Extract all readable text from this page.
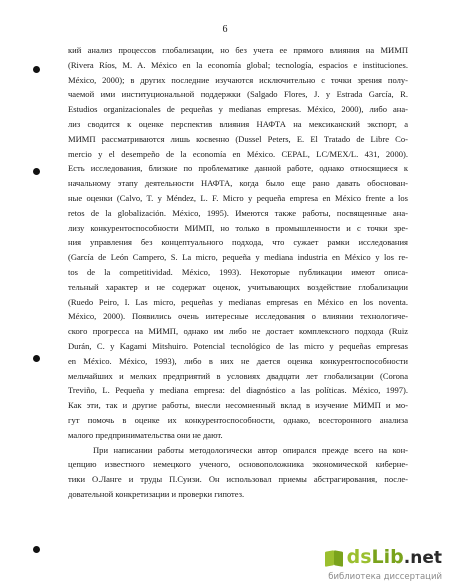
6
кий анализ процессов глобализации, но без учета ее прямого влияния на МИМП
(Rivera Ríos, M. A. México en la economía global; tecnología, espacios e instituciones.
México, 2000); в других последние изучаются исключительно с точки зрения полу-
чаемой ими институциональной поддержки (Salgado Flores, J. y Estrada García, R.
Estudios organizacionales de pequeñas y medianas empresas. México, 2000), либо ана-
лиз сводится к оценке перспектив влияния НАФТА на мексиканский экспорт, а
МИМП рассматриваются лишь косвенно (Dussel Peters, E. El Tratado de Libre Co-
mercio y el desempeño de la economía en México. CEPAL, LC/MEX/L. 431, 2000).
Есть исследования, близкие по проблематике данной работе, однако относящиеся к
начальному этапу деятельности НАФТА, когда было еще рано давать обоснован-
ные оценки (Calvo, T. y Méndez, L. F. Micro y pequeña empresa en México frente a los
retos de la globalización. México, 1995). Имеются также работы, посвященные ана-
лизу конкурентоспособности МИМП, но только в промышленности и с точки зре-
ния управления без концептуального подхода, что сужает рамки исследования
(García de León Campero, S. La micro, pequeña y mediana industria en México y los re-
tos de la competitividad. México, 1993). Некоторые публикации имеют описа-
тельный характер и не содержат оценок, учитывающих воздействие глобализации
(Ruedo Peiro, I. Las micro, pequeñas y medianas empresas en México en los noventa.
México, 2000). Появились очень интересные исследования о влиянии технологиче-
ского прогресса на МИМП, однако им либо не достает комплексного подхода (Ruiz
Durán, C. y Kagami Mitshuiro. Potencial tecnológico de las micro y pequeñas empresas
en México. México, 1993), либо в них не дается оценка конкурентоспособности
мельчайших и мелких предприятий в условиях двадцати лет глобализации (Corona
Treviño, L. Pequeña y mediana empresa: del diagnóstico a las políticas. México, 1997).
Как эти, так и другие работы, внесли несомненный вклад в изучение МИМП и мо-
гут помочь в оценке их конкурентоспособности, однако, всесторонного анализа
малого предпринимательства они не дают.
При написании работы методологически автор опирался прежде всего на кон-
цепцию известного немецкого ученого, основоположника экономической киберне-
тики О.Ланге и труды П.Суизи. Он использовал приемы абстрагирования, после-
довательной конкретизации и проверки гипотез.
dsLib.net
библиотека диссертаций
